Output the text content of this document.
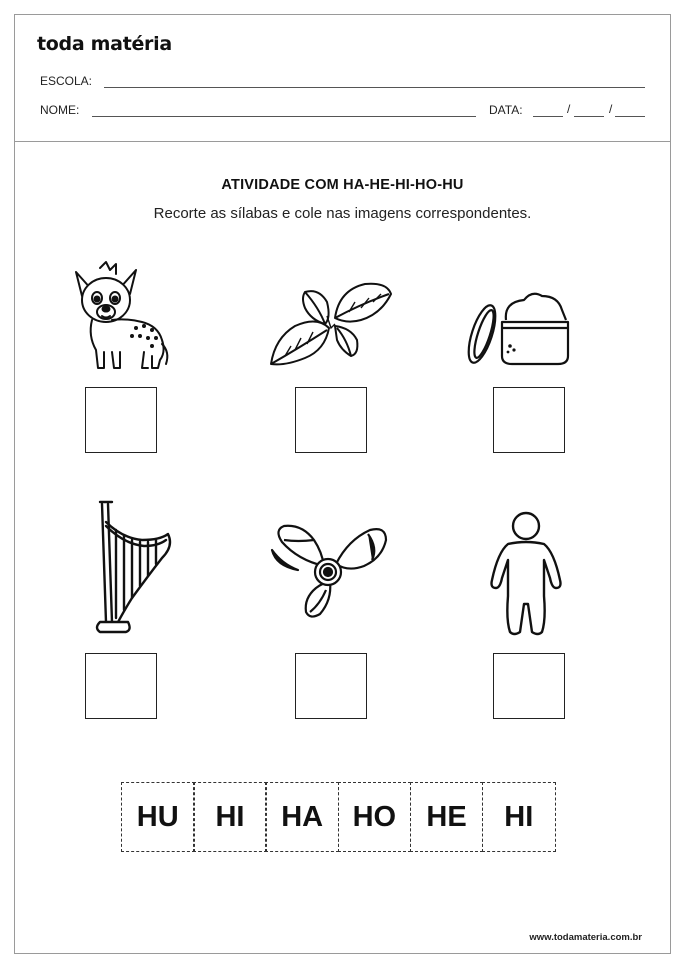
toda matéria
ESCOLA:
NOME:	DATA:	/	/
ATIVIDADE COM HA-HE-HI-HO-HU
Recorte as sílabas e cole nas imagens correspondentes.
HU	HI	HA	HO	HE	HI
www.todamateria.com.br
